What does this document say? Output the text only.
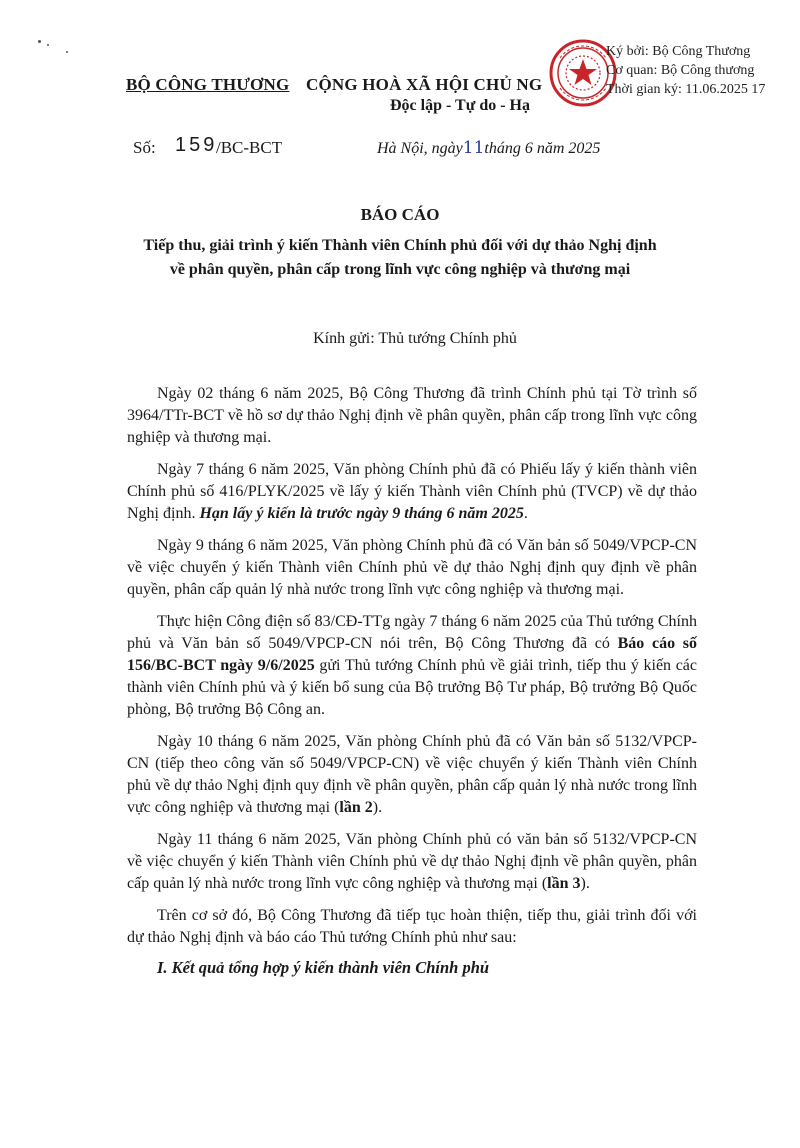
BỘ CÔNG THƯƠNG CỘNG HOÀ XÃ HỘI CHỦ NG
Độc lập - Tự do - Hạ
Ký bởi: Bộ Công Thương
Cơ quan: Bộ Công thương
Thời gian ký: 11.06.2025 17
Số: 159
/BC-BCT	Hà Nội, ngày11tháng 6 năm 2025
BÁO CÁO
Tiếp thu, giải trình ý kiến Thành viên Chính phủ đối với dự thảo Nghị định
về phân quyền, phân cấp trong lĩnh vực công nghiệp và thương mại
Kính gửi: Thủ tướng Chính phủ

Ngày 02 tháng 6 năm 2025, Bộ Công Thương đã trình Chính phủ tại Tờ trình số 3964/TTr-BCT về hồ sơ dự thảo Nghị định về phân quyền, phân cấp trong lĩnh vực công nghiệp và thương mại.

Ngày 7 tháng 6 năm 2025, Văn phòng Chính phủ đã có Phiếu lấy ý kiến thành viên Chính phủ số 416/PLYK/2025 về lấy ý kiến Thành viên Chính phủ (TVCP) về dự thảo Nghị định. Hạn lấy ý kiến là trước ngày 9 tháng 6 năm 2025.

Ngày 9 tháng 6 năm 2025, Văn phòng Chính phủ đã có Văn bản số 5049/VPCP-CN về việc chuyển ý kiến Thành viên Chính phủ về dự thảo Nghị định quy định về phân quyền, phân cấp quản lý nhà nước trong lĩnh vực công nghiệp và thương mại.

Thực hiện Công điện số 83/CĐ-TTg ngày 7 tháng 6 năm 2025 của Thủ tướng Chính phủ và Văn bản số 5049/VPCP-CN nói trên, Bộ Công Thương đã có Báo cáo số 156/BC-BCT ngày 9/6/2025 gửi Thủ tướng Chính phủ về giải trình, tiếp thu ý kiến các thành viên Chính phủ và ý kiến bổ sung của Bộ trưởng Bộ Tư pháp, Bộ trưởng Bộ Quốc phòng, Bộ trưởng Bộ Công an.

Ngày 10 tháng 6 năm 2025, Văn phòng Chính phủ đã có Văn bản số 5132/VPCP-CN (tiếp theo công văn số 5049/VPCP-CN) về việc chuyển ý kiến Thành viên Chính phủ về dự thảo Nghị định quy định về phân quyền, phân cấp quản lý nhà nước trong lĩnh vực công nghiệp và thương mại (lần 2).

Ngày 11 tháng 6 năm 2025, Văn phòng Chính phủ có văn bản số 5132/VPCP-CN về việc chuyển ý kiến Thành viên Chính phủ về dự thảo Nghị định về phân quyền, phân cấp quản lý nhà nước trong lĩnh vực công nghiệp và thương mại (lần 3).

Trên cơ sở đó, Bộ Công Thương đã tiếp tục hoàn thiện, tiếp thu, giải trình đối với dự thảo Nghị định và báo cáo Thủ tướng Chính phủ như sau:

I. Kết quả tổng hợp ý kiến thành viên Chính phủ
